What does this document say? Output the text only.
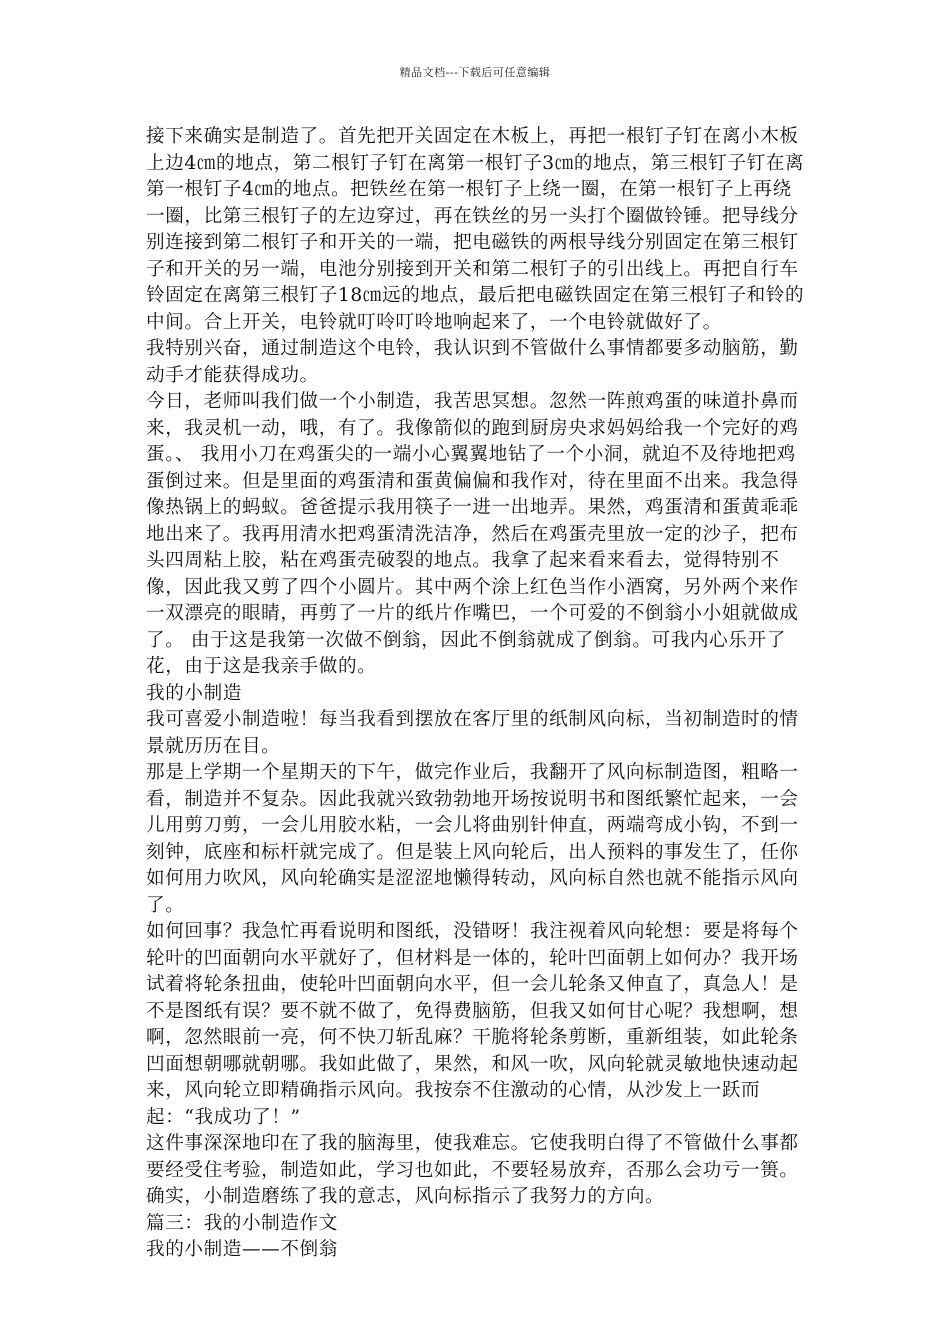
精品文档---下载后可任意编辑

接下来确实是制造了。首先把开关固定在木板上，再把一根钉子钉在离小木板上边4㎝的地点，第二根钉子钉在离第一根钉子3㎝的地点，第三根钉子钉在离第一根钉子4㎝的地点。把铁丝在第一根钉子上绕一圈，在第一根钉子上再绕一圈，比第三根钉子的左边穿过，再在铁丝的另一头打个圈做铃锤。把导线分别连接到第二根钉子和开关的一端，把电磁铁的两根导线分别固定在第三根钉子和开关的另一端，电池分别接到开关和第二根钉子的引出线上。再把自行车铃固定在离第三根钉子18㎝远的地点，最后把电磁铁固定在第三根钉子和铃的中间。合上开关，电铃就叮呤叮呤地响起来了，一个电铃就做好了。

我特别兴奋，通过制造这个电铃，我认识到不管做什么事情都要多动脑筋，勤动手才能获得成功。

今日，老师叫我们做一个小制造，我苦思冥想。忽然一阵煎鸡蛋的味道扑鼻而来，我灵机一动，哦，有了。我像箭似的跑到厨房央求妈妈给我一个完好的鸡蛋。、 我用小刀在鸡蛋尖的一端小心翼翼地钻了一个小洞，就迫不及待地把鸡蛋倒过来。但是里面的鸡蛋清和蛋黄偏偏和我作对，待在里面不出来。我急得像热锅上的蚂蚁。爸爸提示我用筷子一进一出地弄。果然，鸡蛋清和蛋黄乖乖地出来了。我再用清水把鸡蛋清洗洁净，然后在鸡蛋壳里放一定的沙子，把布头四周粘上胶，粘在鸡蛋壳破裂的地点。我拿了起来看来看去，觉得特别不像，因此我又剪了四个小圆片。其中两个涂上红色当作小酒窝，另外两个来作一双漂亮的眼睛，再剪了一片的纸片作嘴巴，一个可爱的不倒翁小小姐就做成了。 由于这是我第一次做不倒翁，因此不倒翁就成了倒翁。可我内心乐开了花，由于这是我亲手做的。

我的小制造

我可喜爱小制造啦！每当我看到摆放在客厅里的纸制风向标，当初制造时的情景就历历在目。

那是上学期一个星期天的下午，做完作业后，我翻开了风向标制造图，粗略一看，制造并不复杂。因此我就兴致勃勃地开场按说明书和图纸繁忙起来，一会儿用剪刀剪，一会儿用胶水粘，一会儿将曲别针伸直，两端弯成小钩，不到一刻钟，底座和标杆就完成了。但是装上风向轮后，出人预料的事发生了，任你如何用力吹风，风向轮确实是涩涩地懒得转动，风向标自然也就不能指示风向了。

如何回事？我急忙再看说明和图纸，没错呀！我注视着风向轮想：要是将每个轮叶的凹面朝向水平就好了，但材料是一体的，轮叶凹面朝上如何办？我开场试着将轮条扭曲，使轮叶凹面朝向水平，但一会儿轮条又伸直了，真急人！是不是图纸有误？要不就不做了，免得费脑筋，但我又如何甘心呢？我想啊，想啊，忽然眼前一亮，何不快刀斩乱麻？干脆将轮条剪断，重新组装，如此轮条凹面想朝哪就朝哪。我如此做了，果然，和风一吹，风向轮就灵敏地快速动起来，风向轮立即精确指示风向。我按奈不住激动的心情，从沙发上一跃而起：“我成功了！”

这件事深深地印在了我的脑海里，使我难忘。它使我明白得了不管做什么事都要经受住考验，制造如此，学习也如此，不要轻易放弃，否那么会功亏一篑。确实，小制造磨练了我的意志，风向标指示了我努力的方向。

篇三：我的小制造作文

我的小制造——不倒翁
